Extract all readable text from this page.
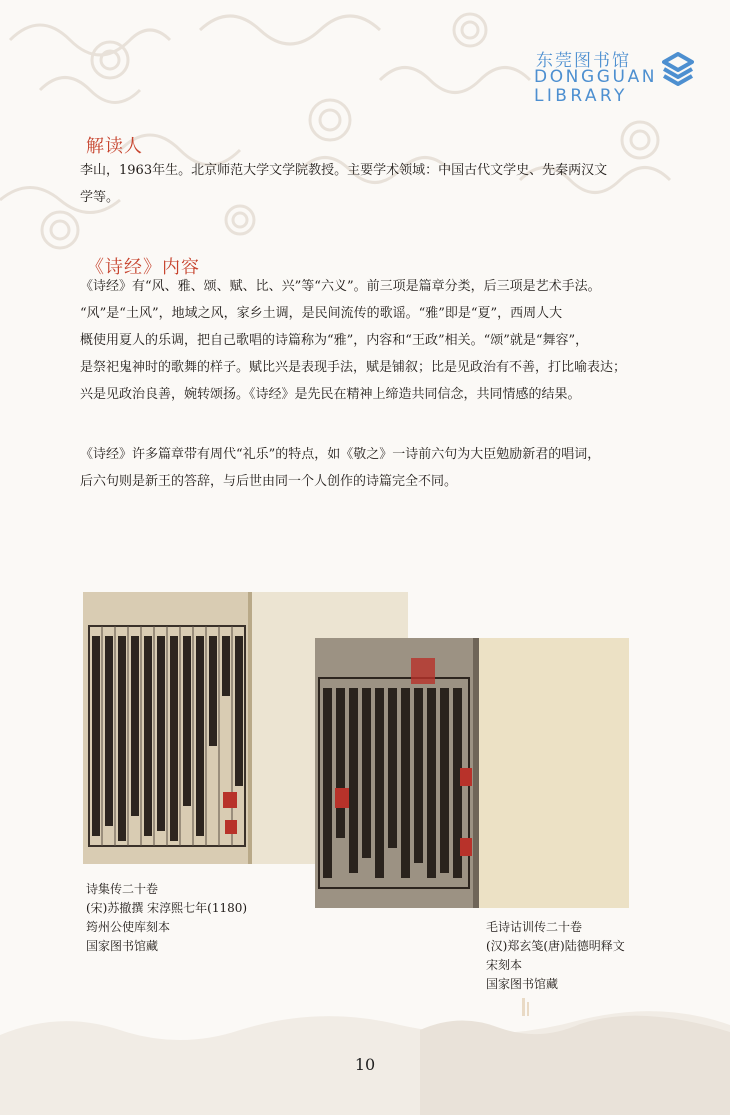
东莞图书馆
DONGGUAN
LIBRARY
解读人
李山，1963年生。北京师范大学文学院教授。主要学术领域：中国古代文学史、先秦两汉文
学等。
《诗经》内容
《诗经》有“风、雅、颂、赋、比、兴”等“六义”。前三项是篇章分类，后三项是艺术手法。
“风”是“土风”，地域之风，家乡土调，是民间流传的歌谣。“雅”即是“夏”，西周人大
概使用夏人的乐调，把自己歌唱的诗篇称为“雅”，内容和“王政”相关。“颂”就是“舞容”，
是祭祀鬼神时的歌舞的样子。赋比兴是表现手法，赋是铺叙；比是见政治有不善，打比喻表达；
兴是见政治良善，婉转颂扬。《诗经》是先民在精神上缔造共同信念，共同情感的结果。
《诗经》许多篇章带有周代“礼乐”的特点，如《敬之》一诗前六句为大臣勉励新君的唱词，
后六句则是新王的答辞，与后世由同一个人创作的诗篇完全不同。
诗集传二十卷
(宋)苏撤撰 宋淳熙七年(1180)
筠州公使库刻本
国家图书馆藏
毛诗诂训传二十卷
(汉)郑玄笺(唐)陆德明释文
宋刻本
国家图书馆藏
10
